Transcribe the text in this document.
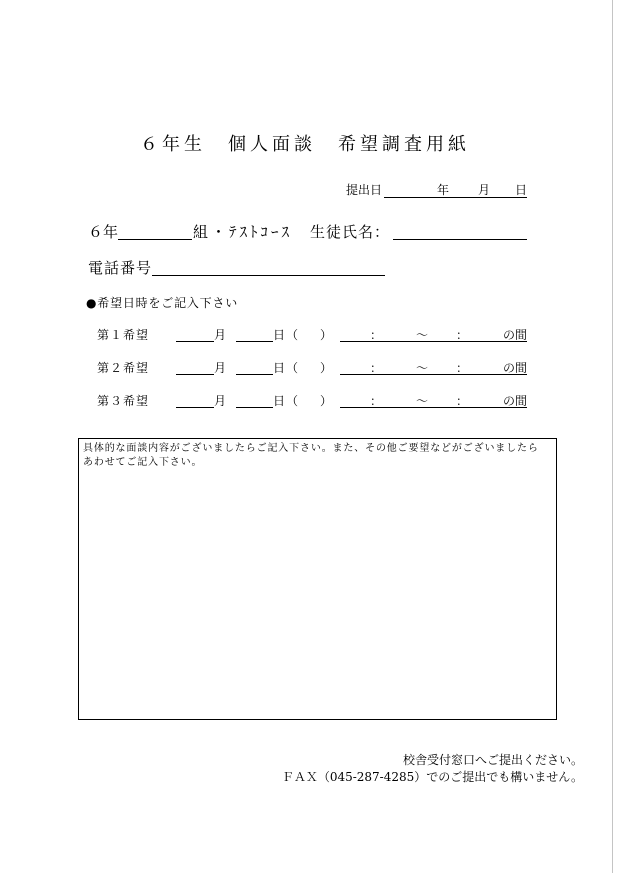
６年生　個人面談　希望調査用紙
提出日	年 月 日
６年	組・ﾃｽﾄｺｰｽ 生徒氏名：
電話番号
●希望日時をご記入下さい
第１希望	月	日 （ ）	：	～ ：	の間
第２希望	月	日 （ ）	：	～ ：	の間
第３希望	月	日 （ ）	：	～ ：	の間
具体的な面談内容がございましたらご記入下さい。また、その他ご要望などがございましたら
あわせてご記入下さい。
校舎受付窓口へご提出ください。
ＦＡＸ（045-287-4285）でのご提出でも構いません。
